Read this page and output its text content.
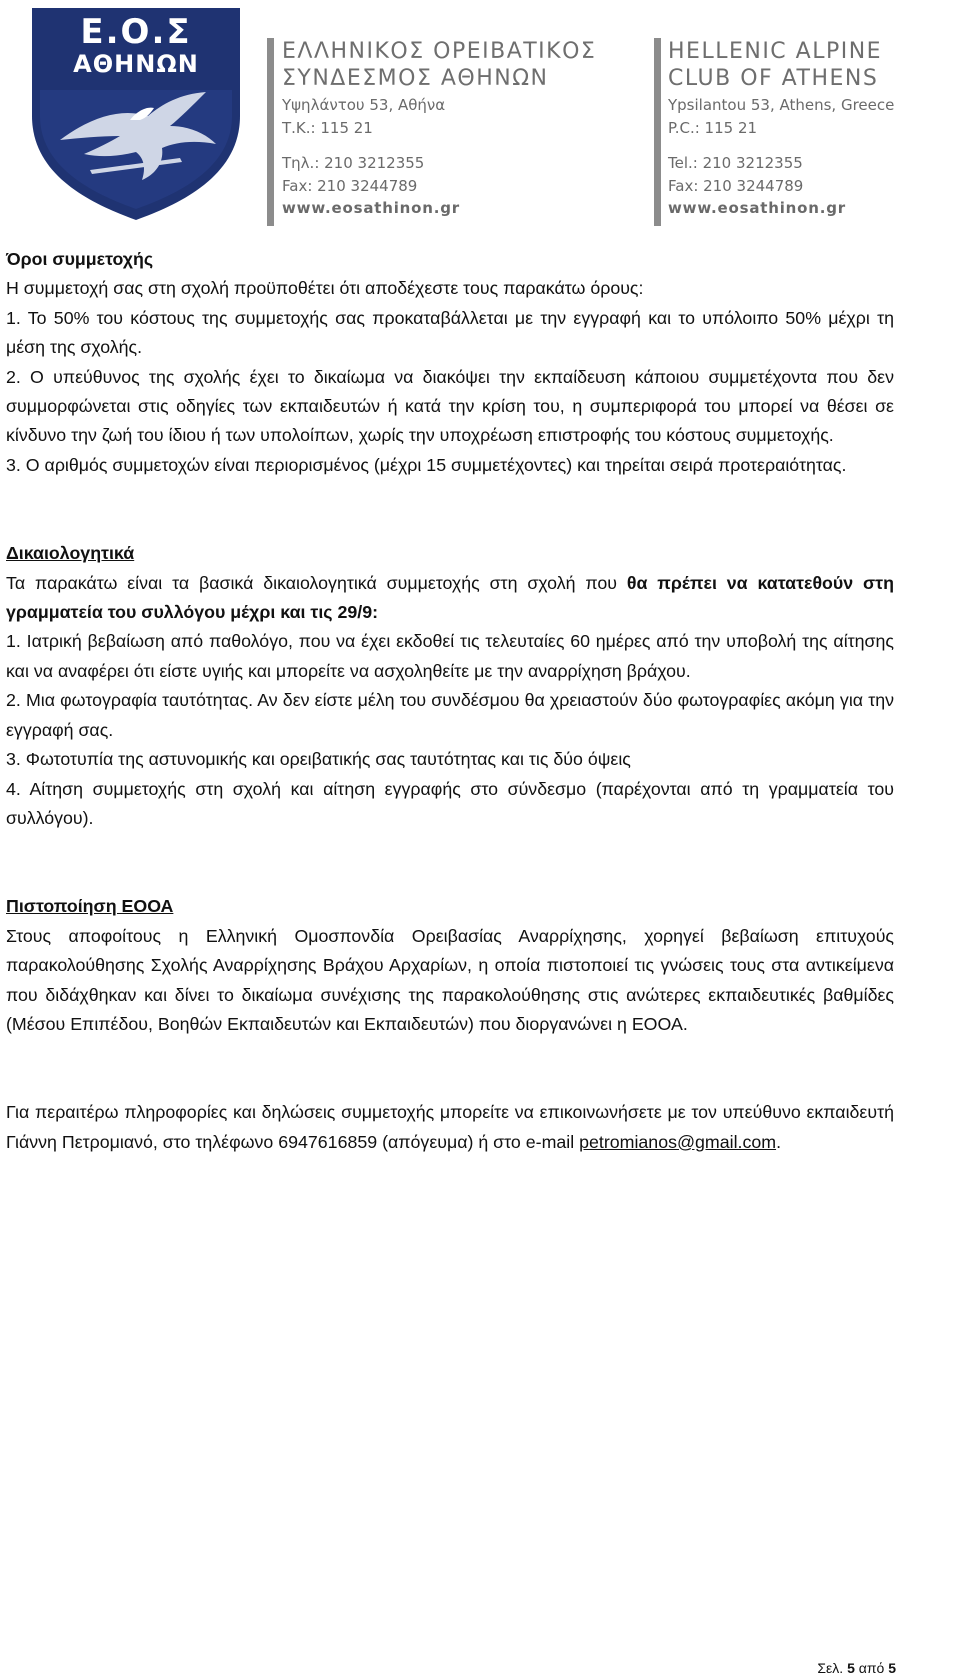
Ε.Ο.Σ
ΑΘΗΝΩΝ	ΕΛΛΗΝΙΚΟΣ ΟΡΕΙΒΑΤΙΚΟΣ
ΣΥΝΔΕΣΜΟΣ ΑΘΗΝΩΝ
Υψηλάντου 53, Αθήνα
Τ.Κ.: 115 21
Τηλ.: 210 3212355
Fax: 210 3244789
www.eosathinon.gr
HELLENIC ALPINE
CLUB OF ATHENS
Ypsilantou 53, Athens, Greece
P.C.: 115 21
Tel.: 210 3212355
Fax: 210 3244789
www.eosathinon.gr

Όροι συμμετοχής

Η συμμετοχή σας στη σχολή προϋποθέτει ότι αποδέχεστε τους παρακάτω όρους:

1. Το 50% του κόστους της συμμετοχής σας προκαταβάλλεται με την εγγραφή και το υπόλοιπο 50% μέχρι τη μέση της σχολής.

2. Ο υπεύθυνος της σχολής έχει το δικαίωμα να διακόψει την εκπαίδευση κάποιου συμμετέχοντα που δεν συμμορφώνεται στις οδηγίες των εκπαιδευτών ή κατά την κρίση του, η συμπεριφορά του μπορεί να θέσει σε κίνδυνο την ζωή του ίδιου ή των υπολοίπων, χωρίς την υποχρέωση επιστροφής του κόστους συμμετοχής.

3. Ο αριθμός συμμετοχών είναι περιορισμένος (μέχρι 15 συμμετέχοντες) και τηρείται σειρά προτεραιότητας.

Δικαιολογητικά

Τα παρακάτω είναι τα βασικά δικαιολογητικά συμμετοχής στη σχολή που θα πρέπει να κατατεθούν στη γραμματεία του συλλόγου μέχρι και τις 29/9:

1. Ιατρική βεβαίωση από παθολόγο, που να έχει εκδοθεί τις τελευταίες 60 ημέρες από την υποβολή της αίτησης και να αναφέρει ότι είστε υγιής και μπορείτε να ασχοληθείτε με την αναρρίχηση βράχου.

2. Μια φωτογραφία ταυτότητας. Αν δεν είστε μέλη του συνδέσμου θα χρειαστούν δύο φωτογραφίες ακόμη για την εγγραφή σας.

3. Φωτοτυπία της αστυνομικής και ορειβατικής σας ταυτότητας και τις δύο όψεις

4. Αίτηση συμμετοχής στη σχολή και αίτηση εγγραφής στο σύνδεσμο (παρέχονται από τη γραμματεία του συλλόγου).

Πιστοποίηση ΕΟΟΑ

Στους αποφοίτους η Ελληνική Ομοσπονδία Ορειβασίας Αναρρίχησης, χορηγεί βεβαίωση επιτυχούς παρακολούθησης Σχολής Αναρρίχησης Βράχου Αρχαρίων, η οποία πιστοποιεί τις γνώσεις τους στα αντικείμενα που διδάχθηκαν και δίνει το δικαίωμα συνέχισης της παρακολούθησης στις ανώτερες εκπαιδευτικές βαθμίδες (Μέσου Επιπέδου, Βοηθών Εκπαιδευτών και Εκπαιδευτών) που διοργανώνει η ΕΟΟΑ.

Για περαιτέρω πληροφορίες και δηλώσεις συμμετοχής μπορείτε να επικοινωνήσετε με τον υπεύθυνο εκπαιδευτή Γιάννη Πετρομιανό, στο τηλέφωνο 6947616859 (απόγευμα) ή στο e-mail petromianos@gmail.com.

Σελ. 5 από 5
